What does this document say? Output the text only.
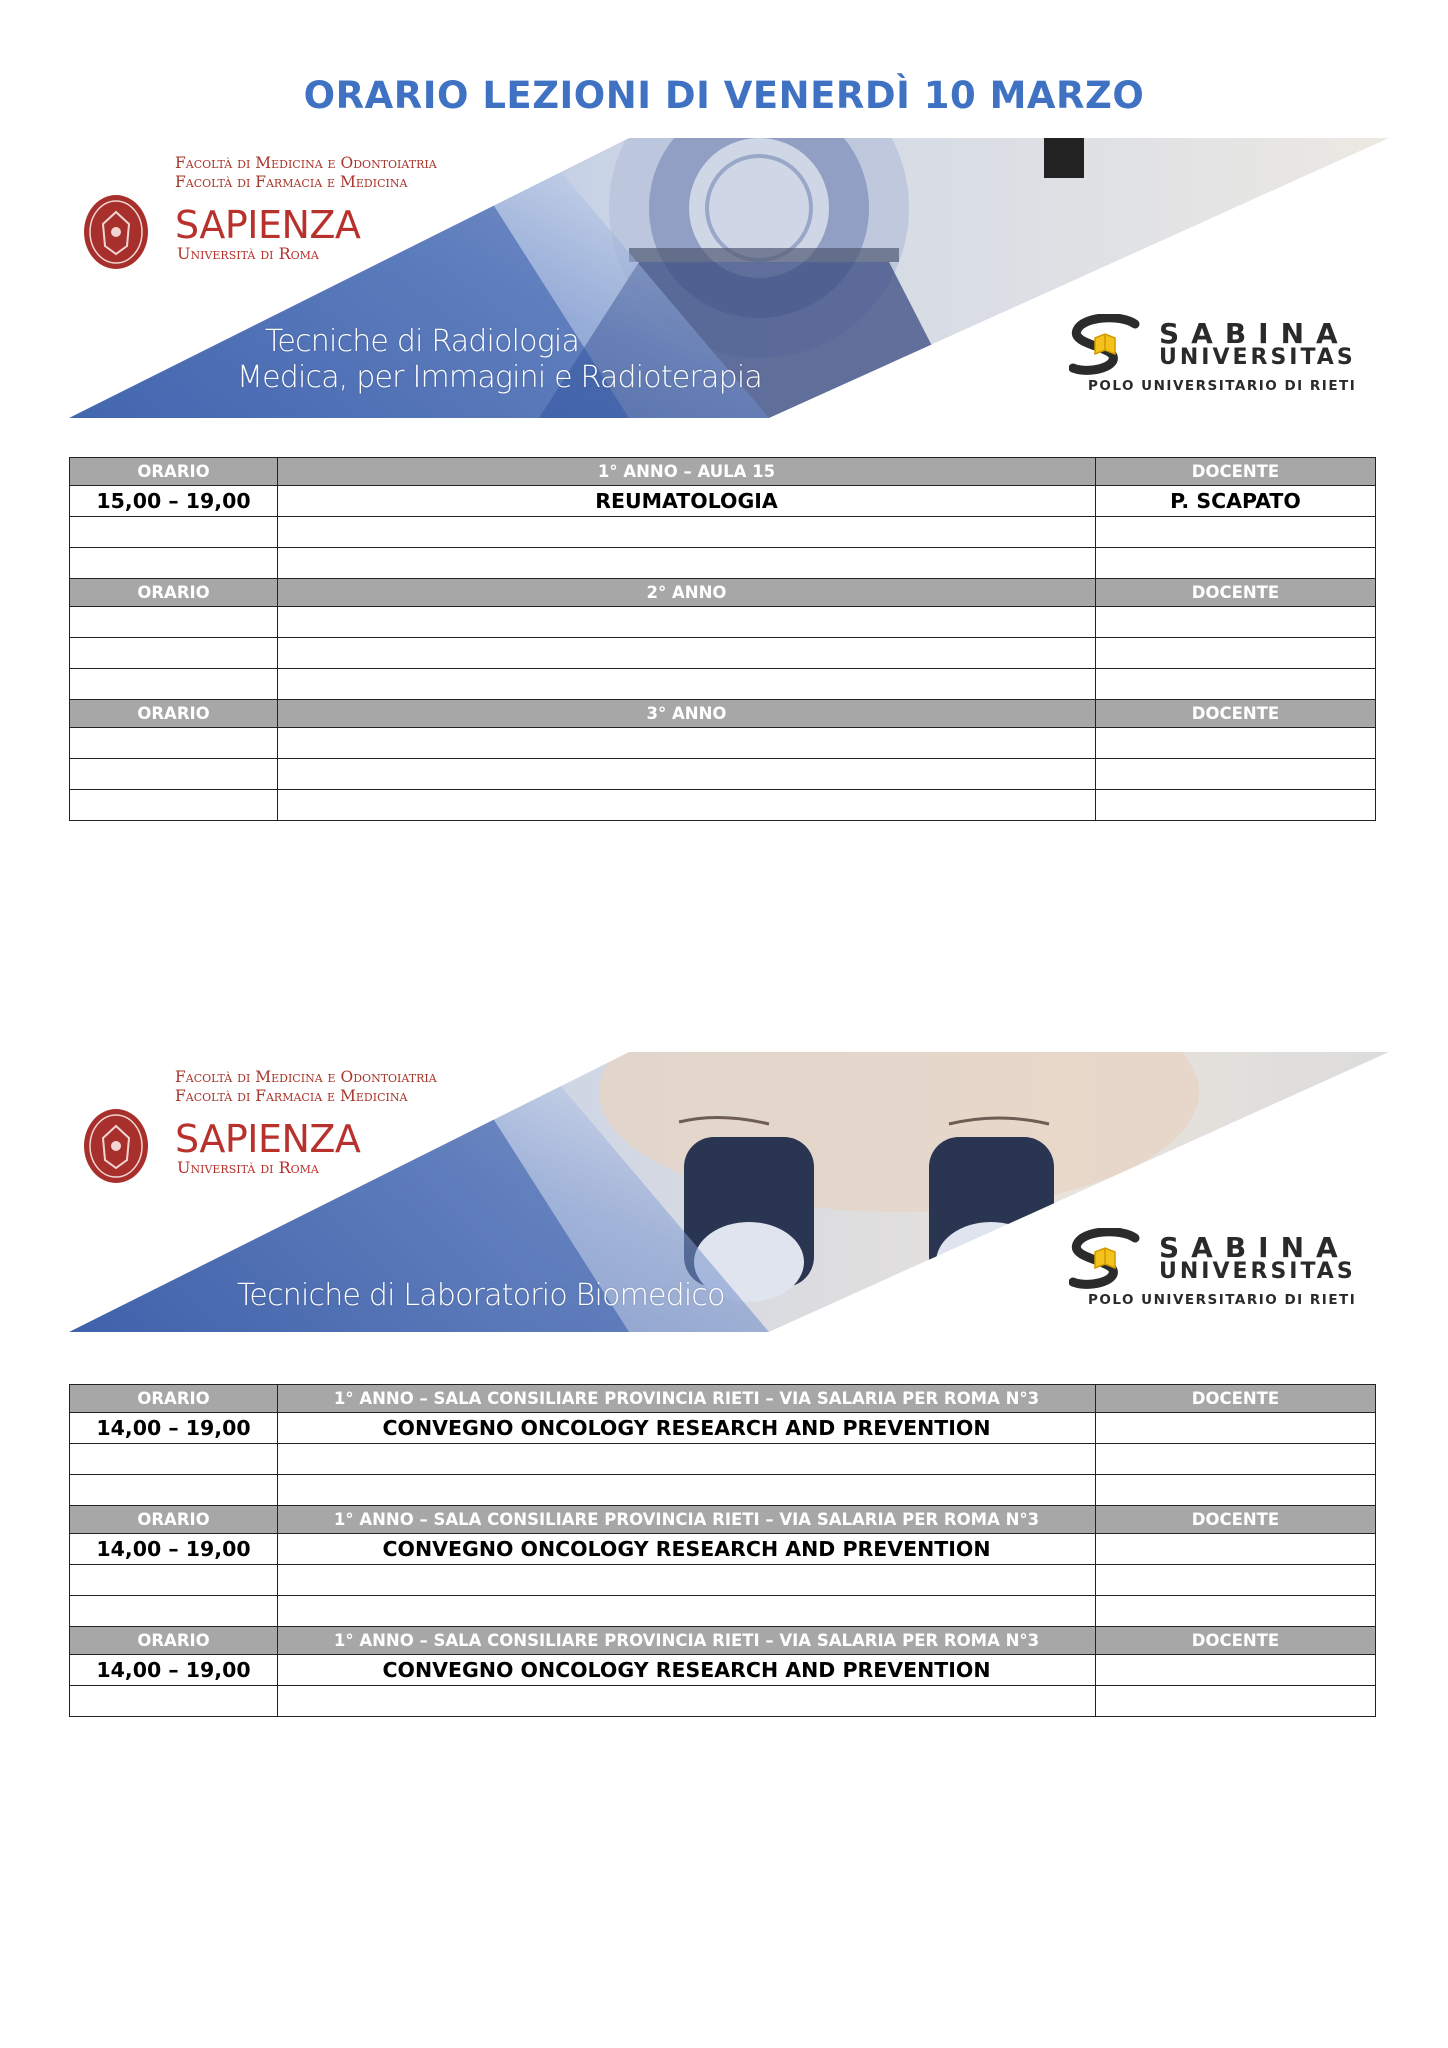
ORARIO LEZIONI DI VENERDÌ 10 MARZO
Facoltà di Medicina e Odontoiatria
Facoltà di Farmacia e Medicina
SAPIENZA
Università di Roma
Tecniche di Radiologia
Medica, per Immagini e Radioterapia
SABINA
UNIVERSITAS
POLO UNIVERSITARIO DI RIETI
ORARIO	1° ANNO – AULA 15	DOCENTE
15,00 – 19,00	REUMATOLOGIA	P. SCAPATO

ORARIO	2° ANNO	DOCENTE

ORARIO	3° ANNO	DOCENTE

Facoltà di Medicina e Odontoiatria
Facoltà di Farmacia e Medicina
SAPIENZA
Università di Roma
Tecniche di Laboratorio Biomedico
SABINA
UNIVERSITAS
POLO UNIVERSITARIO DI RIETI
ORARIO	1° ANNO – SALA CONSILIARE PROVINCIA RIETI – VIA SALARIA PER ROMA N°3	DOCENTE
14,00 – 19,00	CONVEGNO ONCOLOGY RESEARCH AND PREVENTION	

ORARIO	1° ANNO – SALA CONSILIARE PROVINCIA RIETI – VIA SALARIA PER ROMA N°3	DOCENTE
14,00 – 19,00	CONVEGNO ONCOLOGY RESEARCH AND PREVENTION	

ORARIO	1° ANNO – SALA CONSILIARE PROVINCIA RIETI – VIA SALARIA PER ROMA N°3	DOCENTE
14,00 – 19,00	CONVEGNO ONCOLOGY RESEARCH AND PREVENTION	
